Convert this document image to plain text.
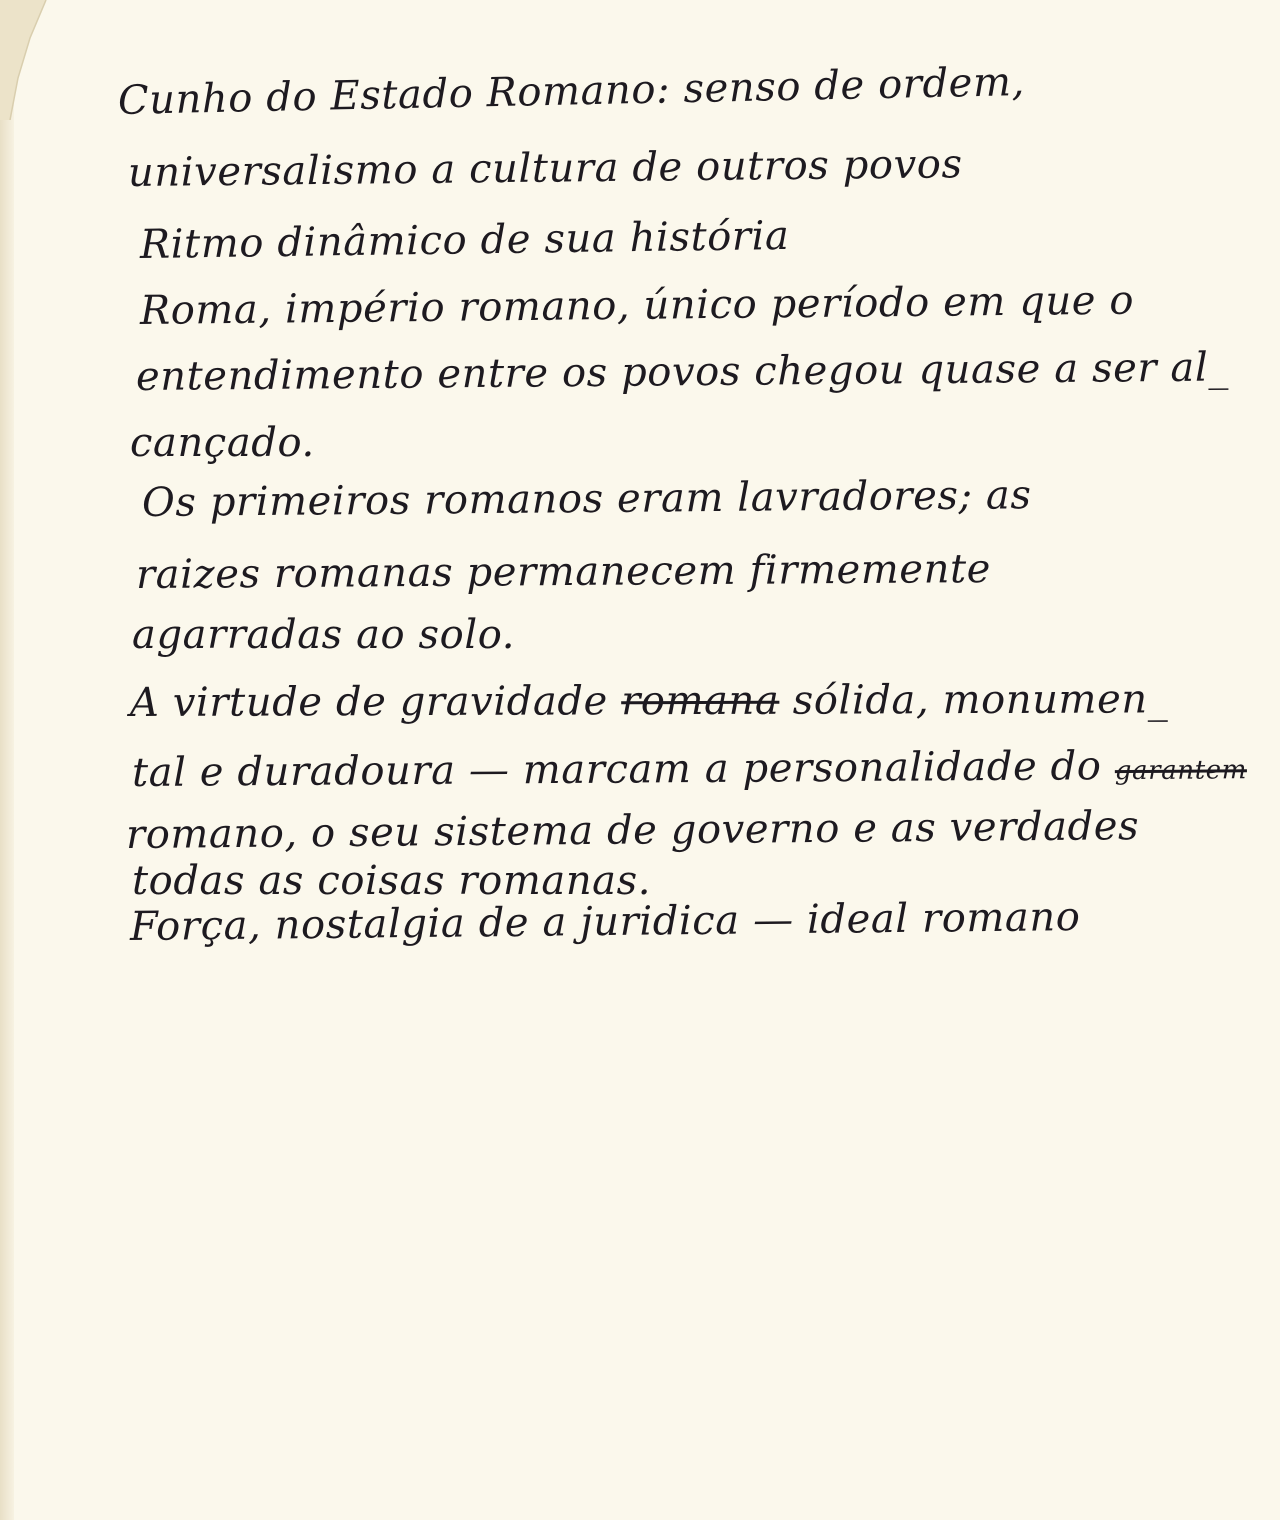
Cunho do Estado Romano: senso de ordem,
universalismo a cultura de outros povos
Ritmo dinâmico de sua história
Roma, império romano, único período em que o
entendimento entre os povos chegou quase a ser al_
cançado.
Os primeiros romanos eram lavradores; as
raizes romanas permanecem firmemente
agarradas ao solo.
A virtude de gravidade romana sólida, monumen_
tal e duradoura — marcam a personalidade do garantem
romano, o seu sistema de governo e as verdades
todas as coisas romanas.
Força, nostalgia de a juridica — ideal romano
